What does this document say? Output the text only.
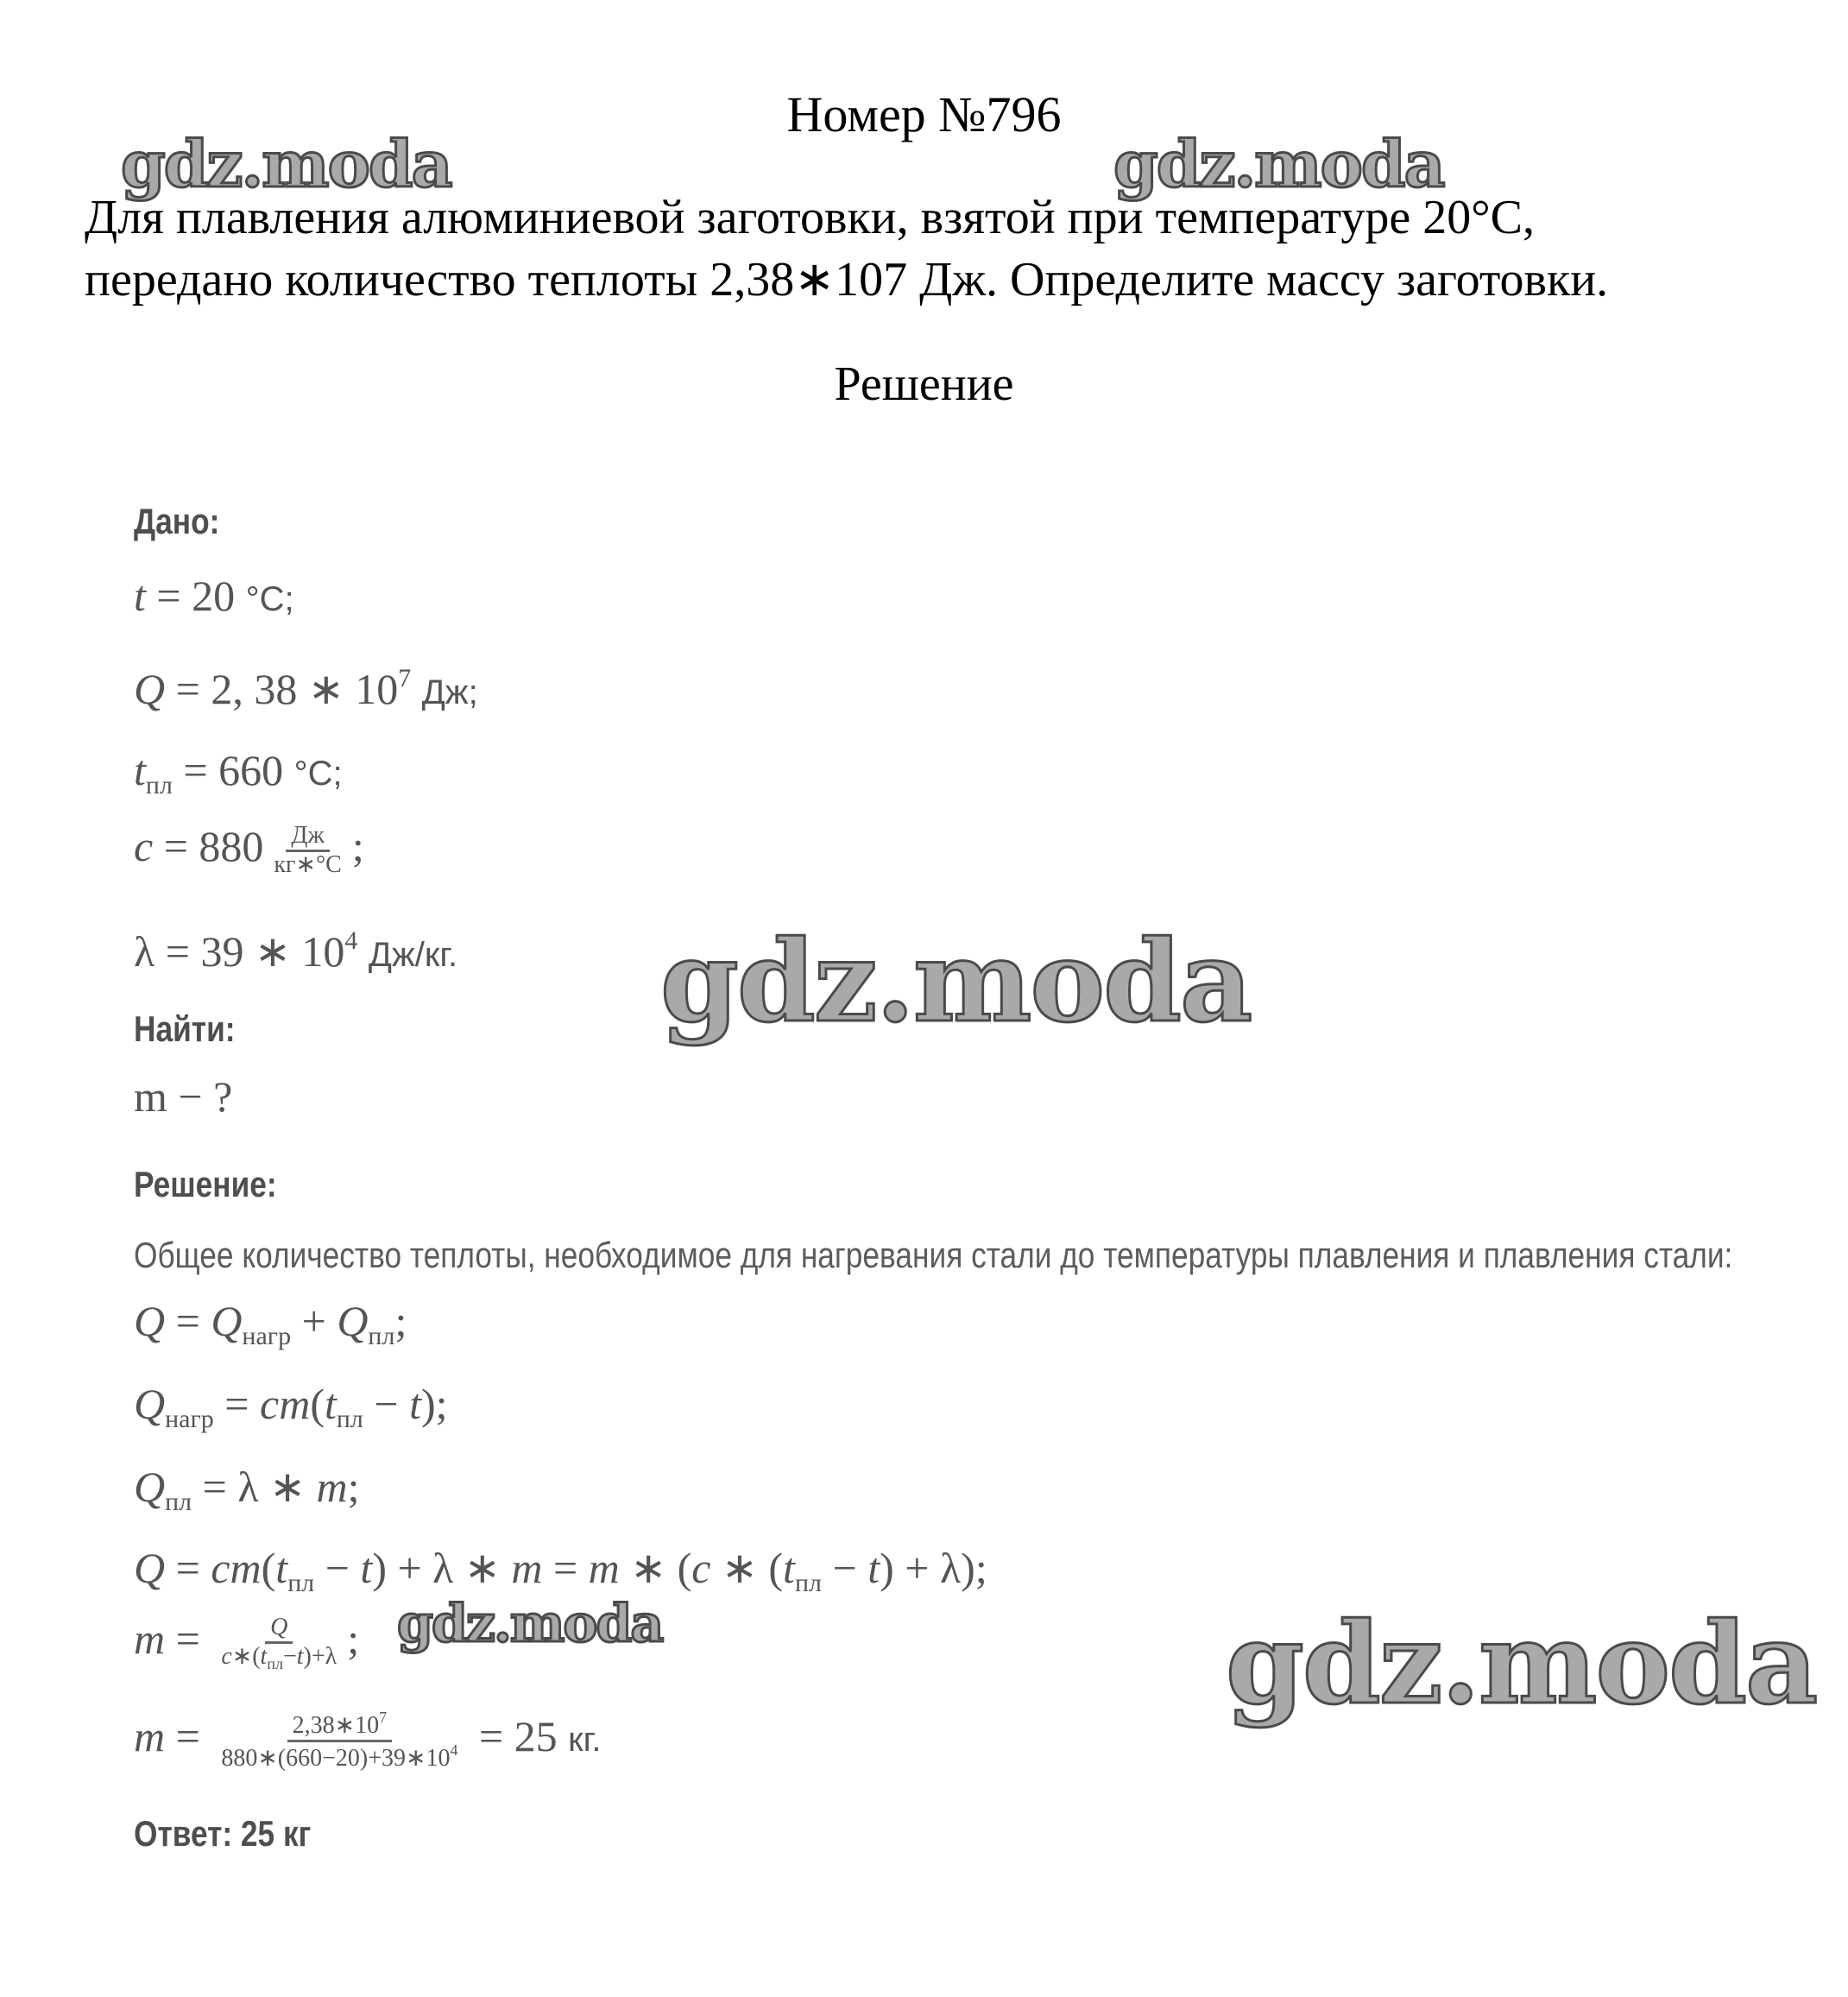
Номер №796
Для плавления алюминиевой заготовки, взятой при температуре 20°С,
передано количество теплоты 2,38∗107 Дж. Определите массу заготовки.
Решение
Дано:
t = 20 °C;
Q = 2, 38 ∗ $10^7$ Дж;
$t_{пл} = 660$ °C;
$c = 880 \frac{Дж}{кг∗^\circ С}$ ;
λ = 39 ∗ $10^4$ Дж/кг.
Найти:
m − ?
Решение:
Общее количество теплоты, необходимое для нагревания стали до температуры плавления и плавления стали:
$Q = Q_{нагр} + Q_{пл}$;
$Q_{нагр} = cm(t_{пл} - t)$;
$Q_{пл} = \lambda$ ∗ m;
$Q = cm(t_{пл} - t) + \lambda$ ∗ m = m ∗ (c ∗ $(t_{пл} - t) + \lambda$);
$m = \frac{Q}{c∗(t_{пл}-t)+\lambda}$ ;
$m = \frac{2,38∗10^7}{880∗(660-20)+39∗10^4} = 25$ кг.
Ответ: 25 кг
gdz.moda	gdz.moda
gdz.moda
gdz.moda	gdz.moda
